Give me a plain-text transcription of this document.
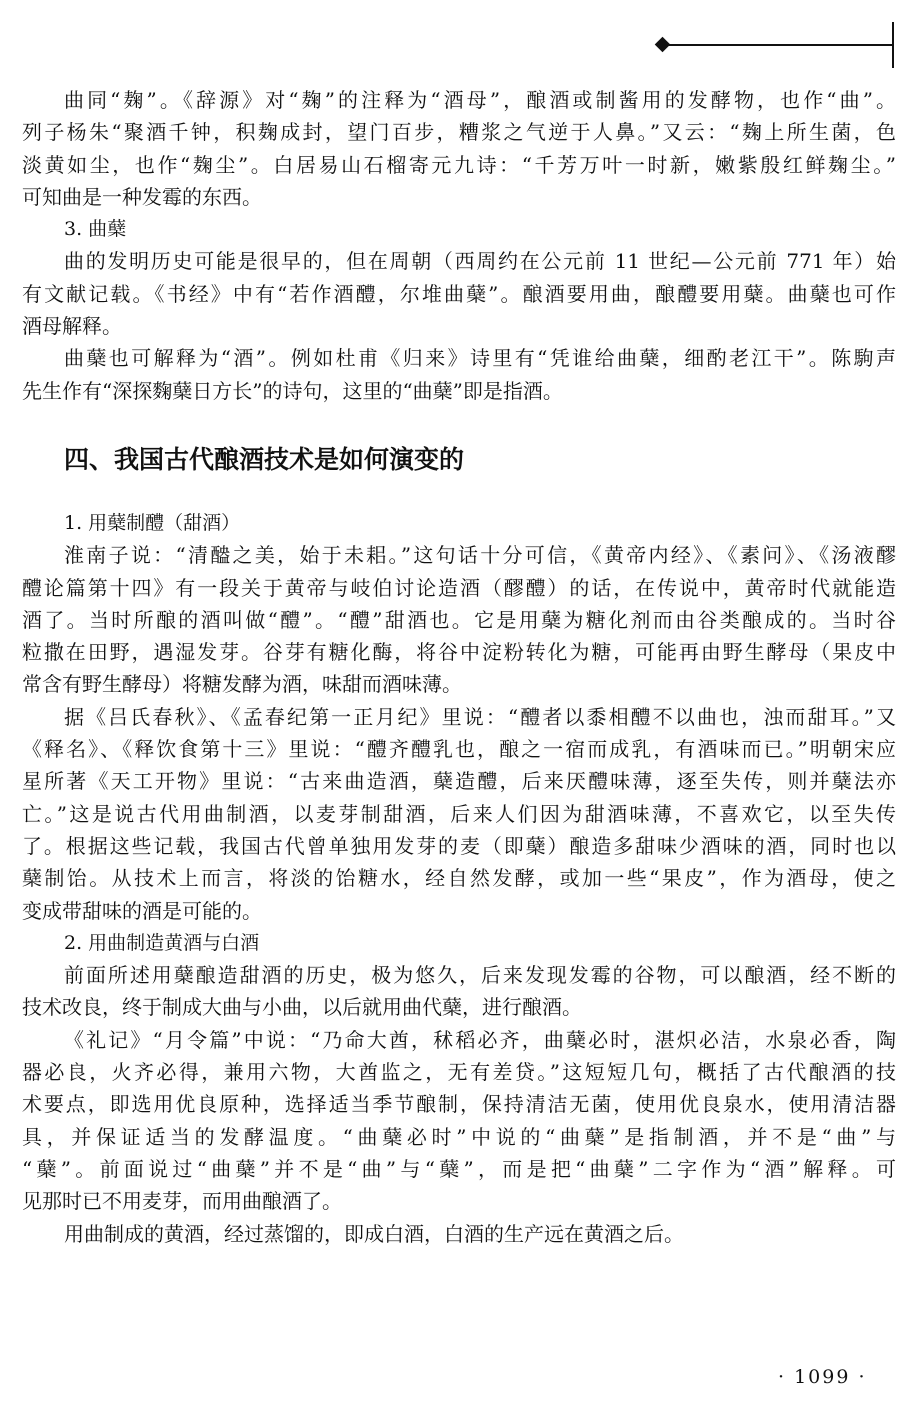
曲同“麹”。《辞源》对“麹”的注释为“酒母”，酿酒或制酱用的发酵物，也作“曲”。
列子杨朱“聚酒千钟，积麹成封，望门百步，糟浆之气逆于人鼻。”又云：“麹上所生菌，色
淡黄如尘，也作“麹尘”。白居易山石榴寄元九诗：“千芳万叶一时新，嫩紫殷红鲜麹尘。”
可知曲是一种发霉的东西。
3. 曲蘖
曲的发明历史可能是很早的，但在周朝（西周约在公元前 11 世纪—公元前 771 年）始
有文献记载。《书经》中有“若作酒醴，尔堆曲蘖”。酿酒要用曲，酿醴要用蘖。曲蘖也可作
酒母解释。
曲蘖也可解释为“酒”。例如杜甫《归来》诗里有“凭谁给曲蘖，细酌老江干”。陈駒声
先生作有“深探麴蘖日方长”的诗句，这里的“曲蘖”即是指酒。
四、我国古代酿酒技术是如何演变的
1. 用蘖制醴（甜酒）
淮南子说：“清醠之美，始于未耜。”这句话十分可信，《黄帝内经》、《素问》、《汤液醪
醴论篇第十四》有一段关于黄帝与岐伯讨论造酒（醪醴）的话，在传说中，黄帝时代就能造
酒了。当时所酿的酒叫做“醴”。“醴”甜酒也。它是用蘖为糖化剂而由谷类酿成的。当时谷
粒撒在田野，遇湿发芽。谷芽有糖化酶，将谷中淀粉转化为糖，可能再由野生酵母（果皮中
常含有野生酵母）将糖发酵为酒，味甜而酒味薄。
据《吕氏春秋》、《孟春纪第一正月纪》里说：“醴者以黍相醴不以曲也，浊而甜耳。”又
《释名》、《释饮食第十三》里说：“醴齐醴乳也，酿之一宿而成乳，有酒味而已。”明朝宋应
星所著《天工开物》里说：“古来曲造酒，蘖造醴，后来厌醴味薄，逐至失传，则并蘖法亦
亡。”这是说古代用曲制酒，以麦芽制甜酒，后来人们因为甜酒味薄，不喜欢它，以至失传
了。根据这些记载，我国古代曾单独用发芽的麦（即蘖）酿造多甜味少酒味的酒，同时也以
蘖制饴。从技术上而言，将淡的饴糖水，经自然发酵，或加一些“果皮”，作为酒母，使之
变成带甜味的酒是可能的。
2. 用曲制造黄酒与白酒
前面所述用蘖酿造甜酒的历史，极为悠久，后来发现发霉的谷物，可以酿酒，经不断的
技术改良，终于制成大曲与小曲，以后就用曲代蘖，进行酿酒。
《礼记》“月令篇”中说：“乃命大酋，秫稻必齐，曲蘖必时，湛炽必洁，水泉必香，陶
器必良，火齐必得，兼用六物，大酋监之，无有差贷。”这短短几句，概括了古代酿酒的技
术要点，即选用优良原种，选择适当季节酿制，保持清洁无菌，使用优良泉水，使用清洁器
具，并保证适当的发酵温度。“曲蘖必时”中说的“曲蘖”是指制酒，并不是“曲”与
“蘖”。前面说过“曲蘖”并不是“曲”与“蘖”，而是把“曲蘖”二字作为“酒”解释。可
见那时已不用麦芽，而用曲酿酒了。
用曲制成的黄酒，经过蒸馏的，即成白酒，白酒的生产远在黄酒之后。
· 1099 ·
